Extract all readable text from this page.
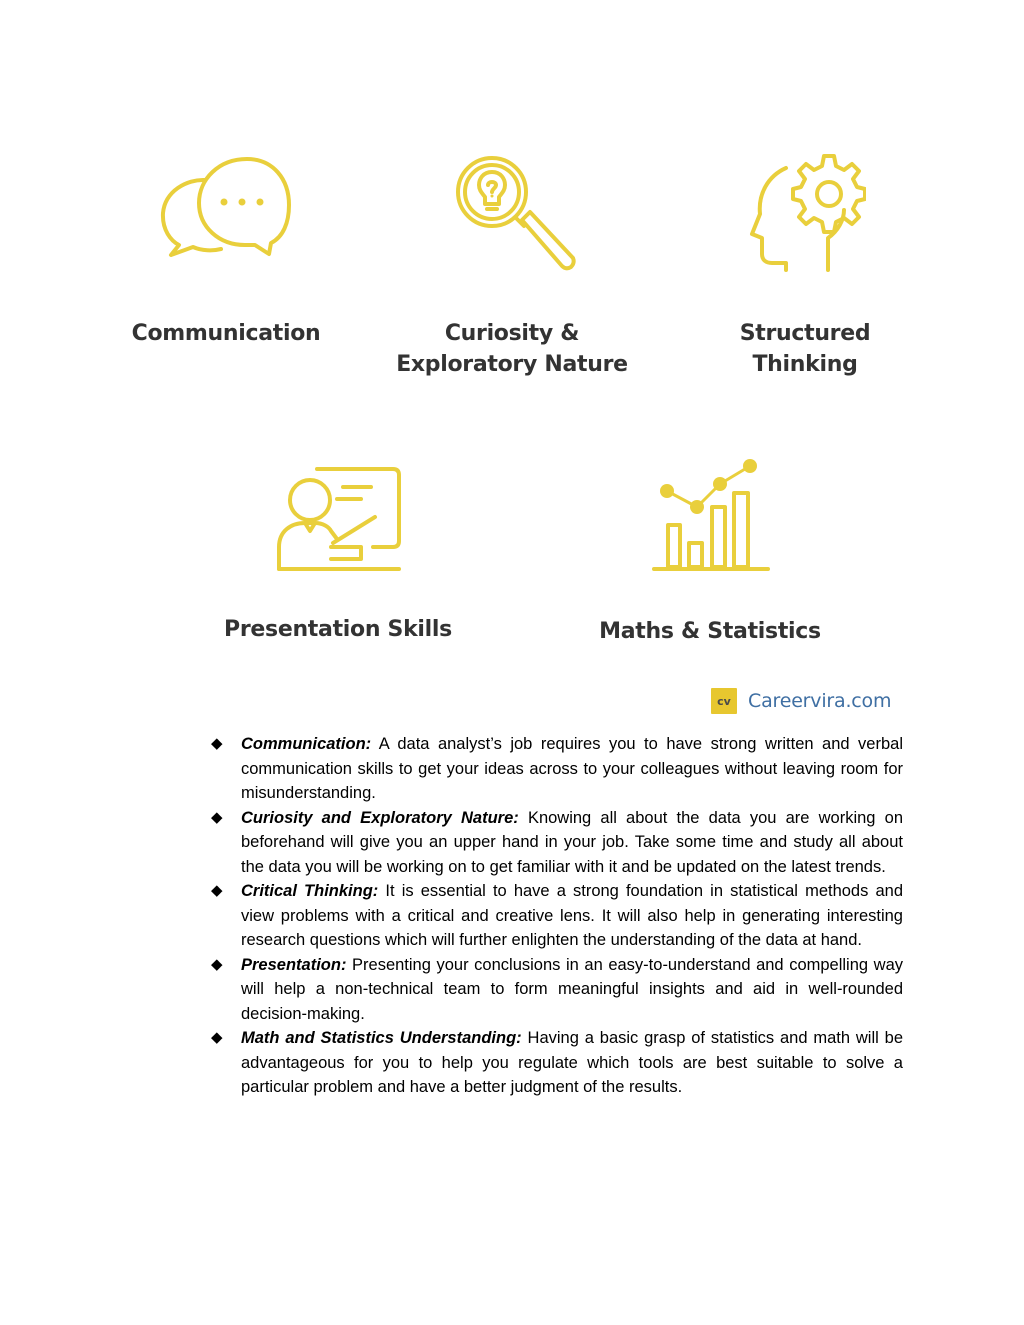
Communication	Curiosity &
Exploratory Nature
Structured
Thinking
Presentation Skills	Maths & Statistics
cv Careervira.com
◆ Communication: A data analyst’s job requires you to have strong written and verbal communication skills to get your ideas across to your colleagues without leaving room for misunderstanding.
◆ Curiosity and Exploratory Nature: Knowing all about the data you are working on beforehand will give you an upper hand in your job. Take some time and study all about the data you will be working on to get familiar with it and be updated on the latest trends.
◆ Critical Thinking: It is essential to have a strong foundation in statistical methods and view problems with a critical and creative lens. It will also help in generating interesting research questions which will further enlighten the understanding of the data at hand.
◆ Presentation: Presenting your conclusions in an easy-to-understand and compelling way will help a non-technical team to form meaningful insights and aid in well-rounded decision-making.
◆ Math and Statistics Understanding: Having a basic grasp of statistics and math will be advantageous for you to help you regulate which tools are best suitable to solve a particular problem and have a better judgment of the results.
